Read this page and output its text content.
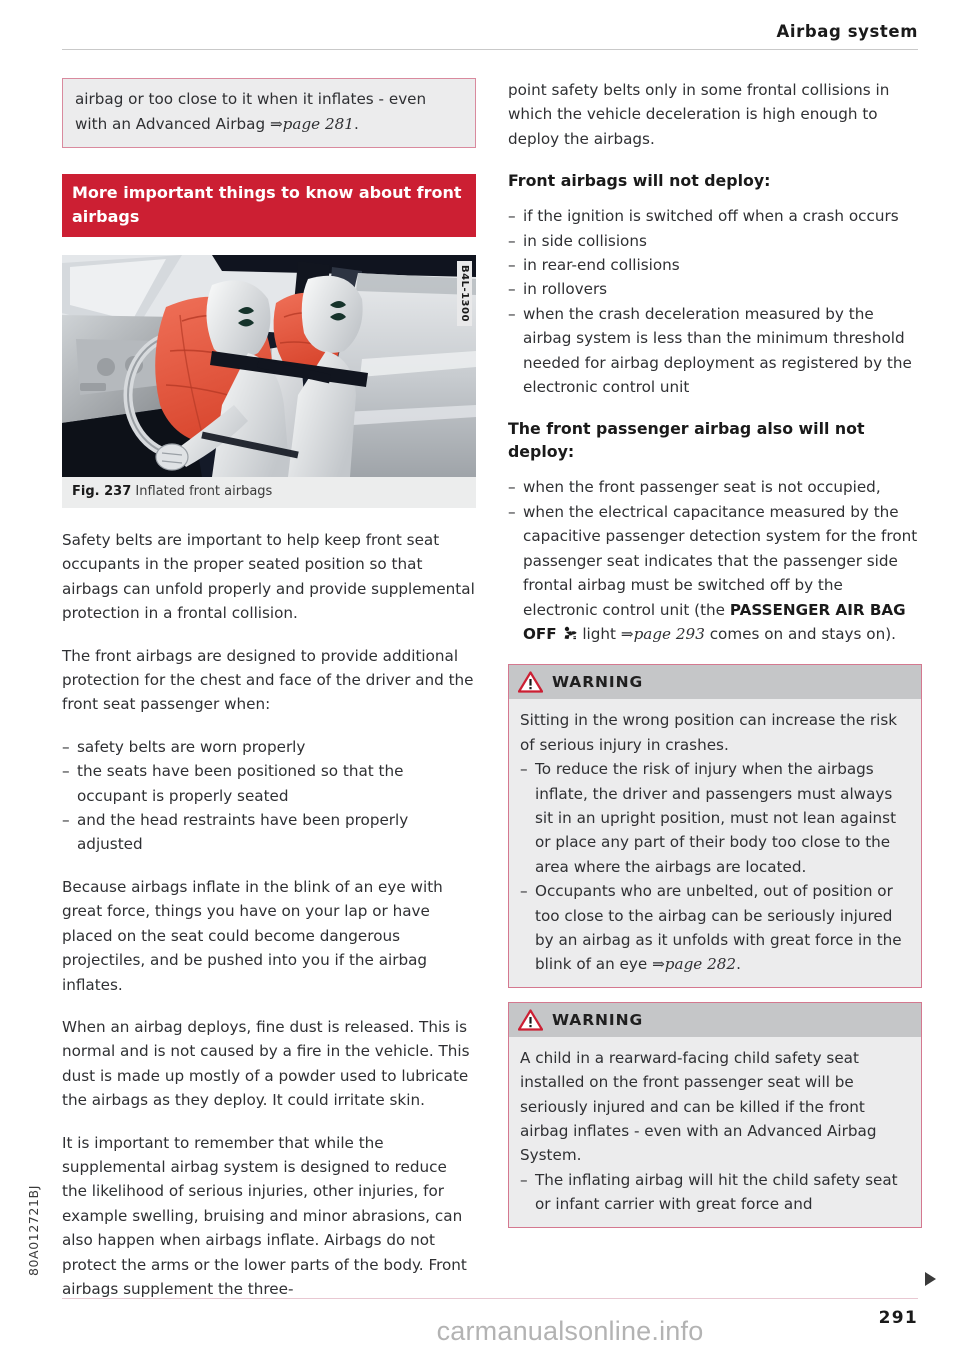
Airbag system

airbag or too close to it when it inflates - even with an Advanced Airbag ⇒page 281.

More important things to know about front airbags
B4L-1300
Fig. 237 Inflated front airbags

Safety belts are important to help keep front seat occupants in the proper seated position so that airbags can unfold properly and provide supplemental protection in a frontal collision.

The front airbags are designed to provide additional protection for the chest and face of the driver and the front seat passenger when:

– safety belts are worn properly
– the seats have been positioned so that the occupant is properly seated
– and the head restraints have been properly adjusted

Because airbags inflate in the blink of an eye with great force, things you have on your lap or have placed on the seat could become dangerous projectiles, and be pushed into you if the airbag inflates.

When an airbag deploys, fine dust is released. This is normal and is not caused by a fire in the vehicle. This dust is made up mostly of a powder used to lubricate the airbags as they deploy. It could irritate skin.

It is important to remember that while the supplemental airbag system is designed to reduce the likelihood of serious injuries, other injuries, for example swelling, bruising and minor abrasions, can also happen when airbags inflate. Airbags do not protect the arms or the lower parts of the body. Front airbags supplement the three-

point safety belts only in some frontal collisions in which the vehicle deceleration is high enough to deploy the airbags.

Front airbags will not deploy:
– if the ignition is switched off when a crash occurs
– in side collisions
– in rear-end collisions
– in rollovers
– when the crash deceleration measured by the airbag system is less than the minimum threshold needed for airbag deployment as registered by the electronic control unit
The front passenger airbag also will not deploy:
– when the front passenger seat is not occupied,
– when the electrical capacitance measured by the capacitive passenger detection system for the front passenger seat indicates that the passenger side frontal airbag must be switched off by the electronic control unit (the PASSENGER AIR BAG OFF  light ⇒page 293 comes on and stays on).
WARNING

Sitting in the wrong position can increase the risk of serious injury in crashes.

– To reduce the risk of injury when the airbags inflate, the driver and passengers must always sit in an upright position, must not lean against or place any part of their body too close to the area where the airbags are located.
– Occupants who are unbelted, out of position or too close to the airbag can be seriously injured by an airbag as it unfolds with great force in the blink of an eye ⇒page 282.
WARNING

A child in a rearward-facing child safety seat installed on the front passenger seat will be seriously injured and can be killed if the front airbag inflates - even with an Advanced Airbag System.

– The inflating airbag will hit the child safety seat or infant carrier with great force and
80A012721BJ
291
carmanualsonline.info
